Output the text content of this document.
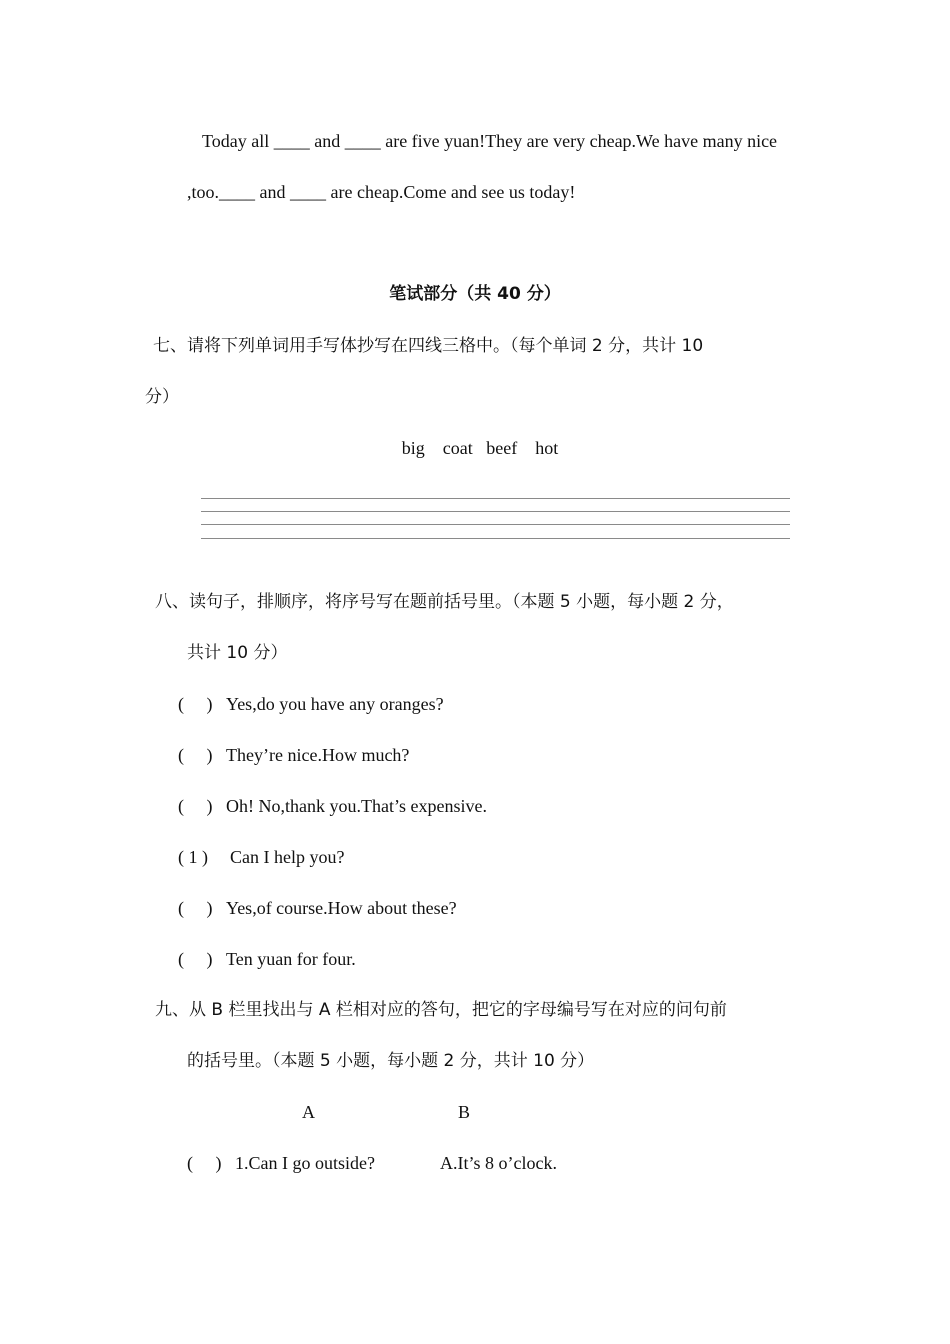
Today all ____ and ____ are five yuan!They are very cheap.We have many nice
,too.____ and ____ are cheap.Come and see us today!
笔试部分（共 40 分）
七、请将下列单词用手写体抄写在四线三格中。（每个单词 2 分，共计 10
分）
big    coat   beef    hot
八、读句子，排顺序，将序号写在题前括号里。（本题 5 小题，每小题 2 分，
共计 10 分）
(     ) Yes,do you have any oranges?
(     ) They’re nice.How much?
(     ) Oh! No,thank you.That’s expensive.
( 1 ) Can I help you?
(     ) Yes,of course.How about these?
(     ) Ten yuan for four.
九、从 B 栏里找出与 A 栏相对应的答句，把它的字母编号写在对应的问句前
的括号里。（本题 5 小题，每小题 2 分，共计 10 分）
A	B
(     ) 1.Can I go outside?	A.It’s 8 o’clock.
